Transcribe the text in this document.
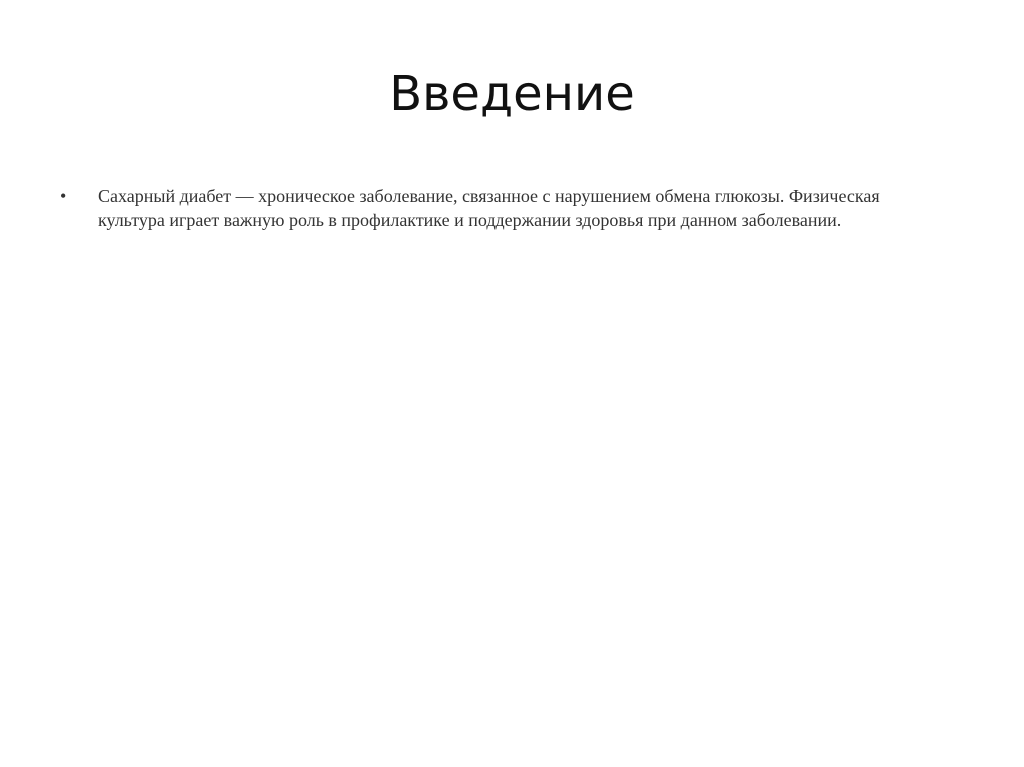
Введение
• Сахарный диабет — хроническое заболевание, связанное с нарушением обмена глюкозы. Физическая культура играет важную роль в профилактике и поддержании здоровья при данном заболевании.
